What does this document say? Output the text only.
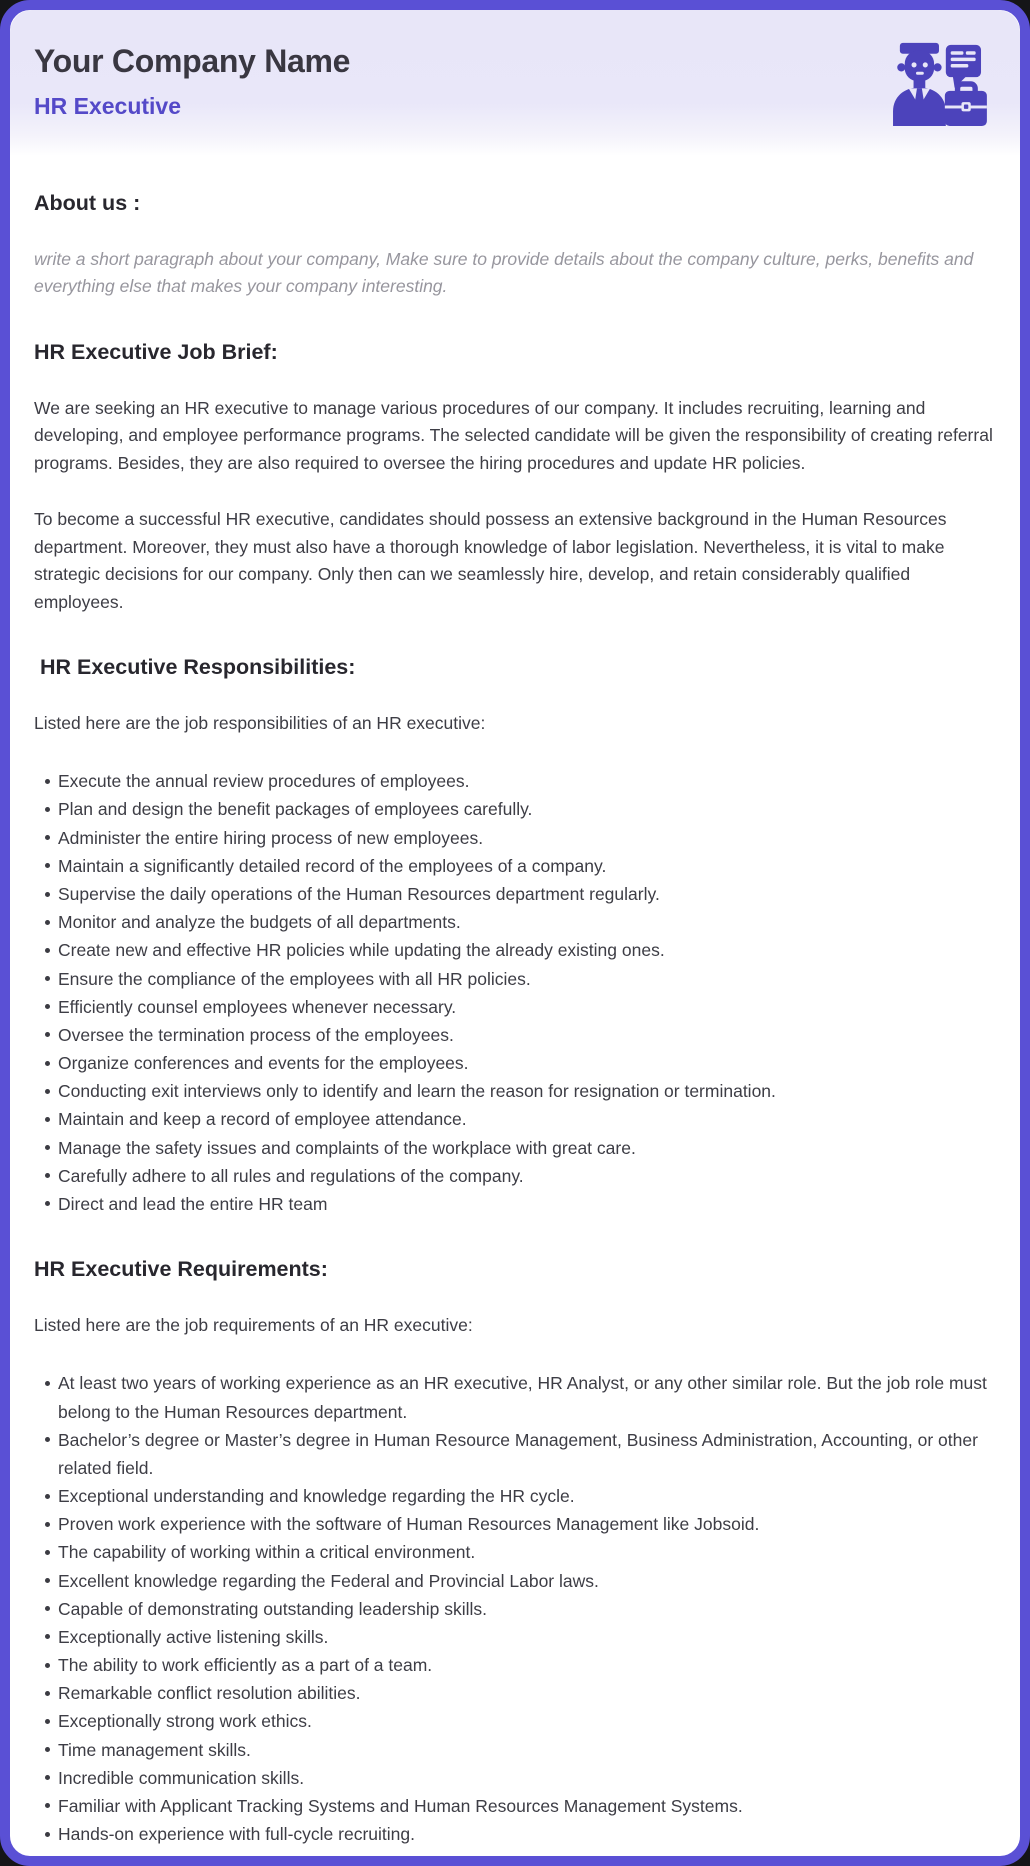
Your Company Name
HR Executive
About us :

write a short paragraph about your company, Make sure to provide details about the company culture, perks, benefits and everything else that makes your company interesting.

HR Executive Job Brief:

We are seeking an HR executive to manage various procedures of our company. It includes recruiting, learning and developing, and employee performance programs. The selected candidate will be given the responsibility of creating referral programs. Besides, they are also required to oversee the hiring procedures and update HR policies.

To become a successful HR executive, candidates should possess an extensive background in the Human Resources department. Moreover, they must also have a thorough knowledge of labor legislation. Nevertheless, it is vital to make strategic decisions for our company. Only then can we seamlessly hire, develop, and retain considerably qualified employees.

HR Executive Responsibilities:

Listed here are the job responsibilities of an HR executive:

Execute the annual review procedures of employees.
Plan and design the benefit packages of employees carefully.
Administer the entire hiring process of new employees.
Maintain a significantly detailed record of the employees of a company.
Supervise the daily operations of the Human Resources department regularly.
Monitor and analyze the budgets of all departments.
Create new and effective HR policies while updating the already existing ones.
Ensure the compliance of the employees with all HR policies.
Efficiently counsel employees whenever necessary.
Oversee the termination process of the employees.
Organize conferences and events for the employees.
Conducting exit interviews only to identify and learn the reason for resignation or termination.
Maintain and keep a record of employee attendance.
Manage the safety issues and complaints of the workplace with great care.
Carefully adhere to all rules and regulations of the company.
Direct and lead the entire HR team
HR Executive Requirements:

Listed here are the job requirements of an HR executive:

At least two years of working experience as an HR executive, HR Analyst, or any other similar role. But the job role must belong to the Human Resources department.
Bachelor’s degree or Master’s degree in Human Resource Management, Business Administration, Accounting, or other related field.
Exceptional understanding and knowledge regarding the HR cycle.
Proven work experience with the software of Human Resources Management like Jobsoid.
The capability of working within a critical environment.
Excellent knowledge regarding the Federal and Provincial Labor laws.
Capable of demonstrating outstanding leadership skills.
Exceptionally active listening skills.
The ability to work efficiently as a part of a team.
Remarkable conflict resolution abilities.
Exceptionally strong work ethics.
Time management skills.
Incredible communication skills.
Familiar with Applicant Tracking Systems and Human Resources Management Systems.
Hands-on experience with full-cycle recruiting.
